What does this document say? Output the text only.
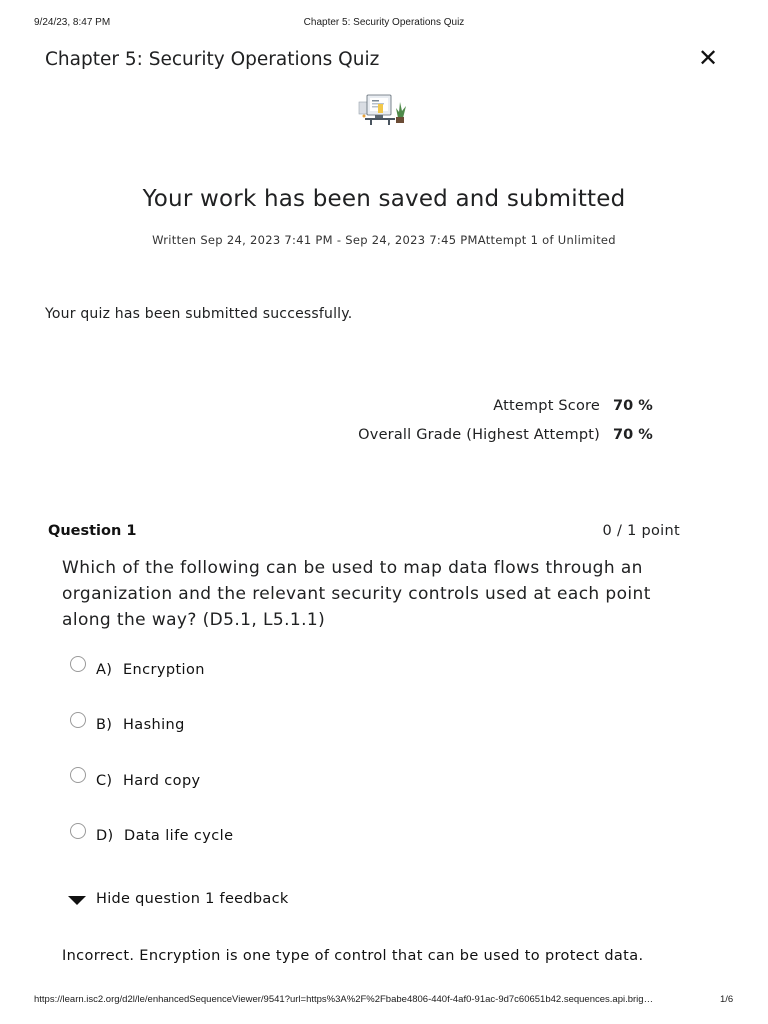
9/24/23, 8:47 PM	Chapter 5: Security Operations Quiz
Chapter 5: Security Operations Quiz	✕
Your work has been saved and submitted
Written Sep 24, 2023 7:41 PM - Sep 24, 2023 7:45 PMAttempt 1 of Unlimited
Your quiz has been submitted successfully.
Attempt Score 70 %
Overall Grade (Highest Attempt) 70 %
Question 1	0 / 1 point
Which of the following can be used to map data flows through an organization and the relevant security controls used at each point along the way? (D5.1, L5.1.1)
A) Encryption
B) Hashing
C) Hard copy
D) Data life cycle
Hide question 1 feedback
Incorrect. Encryption is one type of control that can be used to protect data.
https://learn.isc2.org/d2l/le/enhancedSequenceViewer/9541?url=https%3A%2F%2Fbabe4806-440f-4af0-91ac-9d7c60651b42.sequences.api.brig…	1/6
